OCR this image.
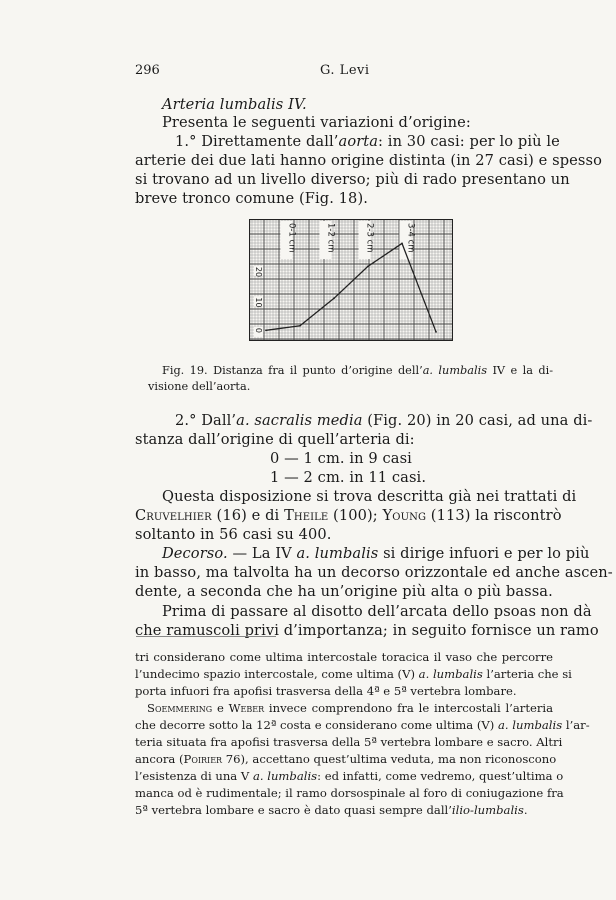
296	G. Levi
Arteria lumbalis IV.
Presenta le seguenti variazioni d’origine:
1.° Direttamente dall’aorta: in 30 casi: per lo più le
arterie dei due lati hanno origine distinta (in 27 casi) e spesso
si trovano ad un livello diverso; più di rado presentano un
breve tronco comune (Fig. 18).
0-1 cm	1-2 cm	2-3 cm	3-4 cm
0
10
20
Fig. 19. Distanza fra il punto d’origine dell’a. lumbalis IV e la di-
visione dell’aorta.
2.° Dall’a. sacralis media (Fig. 20) in 20 casi, ad una di-
stanza dall’origine di quell’arteria di:
0 — 1 cm. in 9 casi
1 — 2 cm. in 11 casi.
Questa disposizione si trova descritta già nei trattati di
Cruvelhier (16) e di Theile (100); Young (113) la riscontrò
soltanto in 56 casi su 400.
Decorso. — La IV a. lumbalis si dirige infuori e per lo più
in basso, ma talvolta ha un decorso orizzontale ed anche ascen-
dente, a seconda che ha un’origine più alta o più bassa.
Prima di passare al disotto dell’arcata dello psoas non dà
che ramuscoli privi d’importanza; in seguito fornisce un ramo
tri considerano come ultima intercostale toracica il vaso che percorre
l’undecimo spazio intercostale, come ultima (V) a. lumbalis l’arteria che si
porta infuori fra apofisi trasversa della 4ª e 5ª vertebra lombare.
Soemmering e Weber invece comprendono fra le intercostali l’arteria
che decorre sotto la 12ª costa e considerano come ultima (V) a. lumbalis l’ar-
teria situata fra apofisi trasversa della 5ª vertebra lombare e sacro. Altri
ancora (Poirier 76), accettano quest’ultima veduta, ma non riconoscono
l’esistenza di una V a. lumbalis: ed infatti, come vedremo, quest’ultima o
manca od è rudimentale; il ramo dorsospinale al foro di coniugazione fra
5ª vertebra lombare e sacro è dato quasi sempre dall’ilio-lumbalis.
